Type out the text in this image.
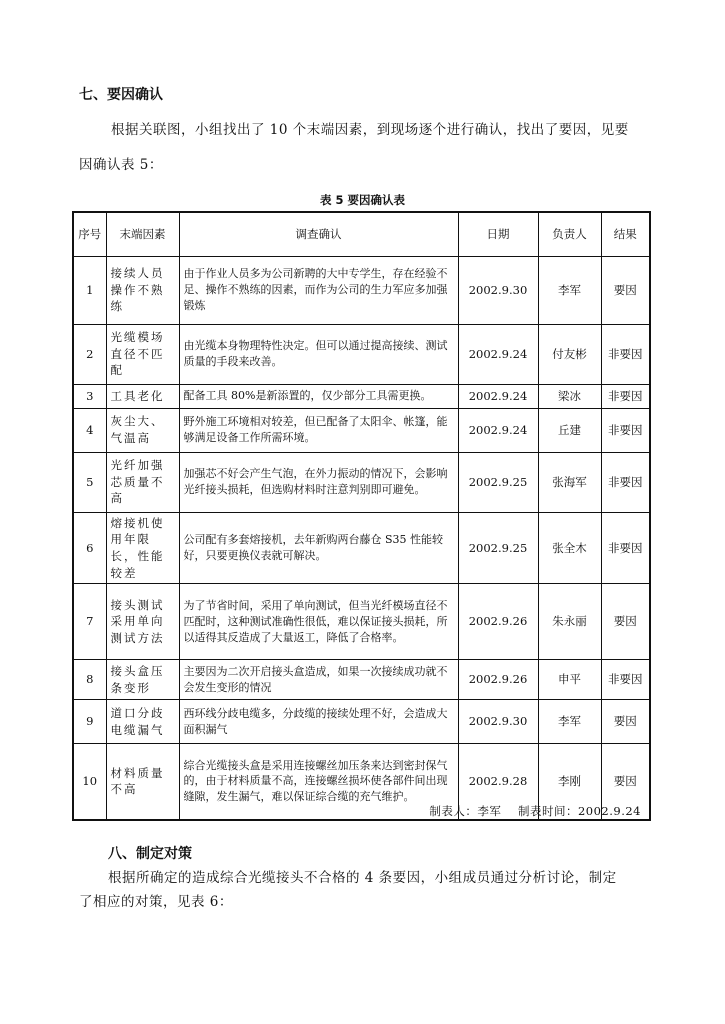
七、要因确认
根据关联图，小组找出了 10 个末端因素，到现场逐个进行确认，找出了要因，见要
因确认表 5：
表 5 要因确认表
序号	末端因素	调查确认	日期	负责人	结果
1	接续人员操作不熟练	由于作业人员多为公司新聘的大中专学生，存在经验不足、操作不熟练的因素，而作为公司的生力军应多加强锻炼	2002.9.30	李军	要因
2	光缆模场直径不匹配	由光缆本身物理特性决定。但可以通过提高接续、测试质量的手段来改善。	2002.9.24	付友彬	非要因
3	工具老化	配备工具 80%是新添置的，仅少部分工具需更换。	2002.9.24	梁冰	非要因
4	灰尘大、气温高	野外施工环境相对较差，但已配备了太阳伞、帐篷，能够满足设备工作所需环境。	2002.9.24	丘建	非要因
5	光纤加强芯质量不高	加强芯不好会产生气泡，在外力振动的情况下，会影响光纤接头损耗，但选购材料时注意判别即可避免。	2002.9.25	张海军	非要因
6	熔接机使用年限长，性能较差	公司配有多套熔接机，去年新购两台藤仓 S35 性能较好，只要更换仪表就可解决。	2002.9.25	张全木	非要因
7	接头测试采用单向测试方法	为了节省时间，采用了单向测试，但当光纤模场直径不匹配时，这种测试准确性很低，难以保证接头损耗，所以适得其反造成了大量返工，降低了合格率。	2002.9.26	朱永丽	要因
8	接头盒压条变形	主要因为二次开启接头盒造成，如果一次接续成功就不会发生变形的情况	2002.9.26	申平	非要因
9	道口分歧电缆漏气	西环线分歧电缆多，分歧缆的接续处理不好，会造成大面积漏气	2002.9.30	李军	要因
10	材料质量不高	综合光缆接头盒是采用连接螺丝加压条来达到密封保气的，由于材料质量不高，连接螺丝损坏使各部件间出现缝隙，发生漏气，难以保证综合缆的充气维护。	2002.9.28	李刚	要因
制表人：李军    制表时间：2002.9.24
八、制定对策
根据所确定的造成综合光缆接头不合格的 4 条要因，小组成员通过分析讨论，制定
了相应的对策，见表 6：
